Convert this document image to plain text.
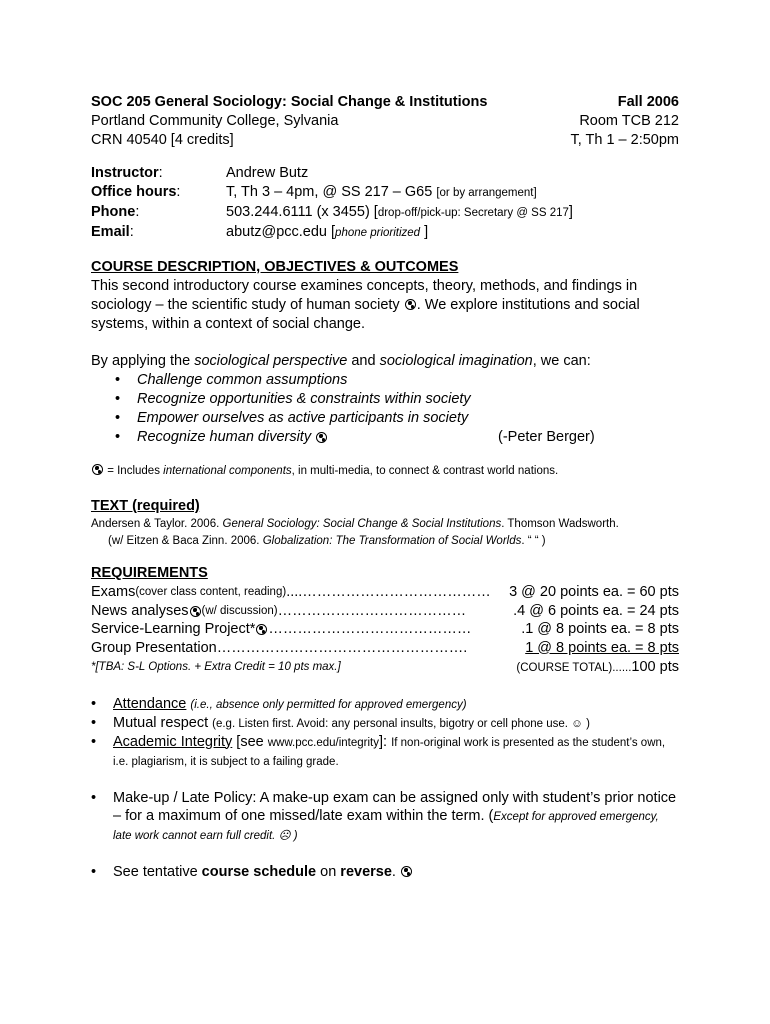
SOC 205 General Sociology: Social Change & Institutions	Fall 2006
Portland Community College, Sylvania	Room TCB 212
CRN 40540 [4 credits]	T, Th 1 – 2:50pm
Instructor:	Andrew Butz
Office hours:	T, Th 3 – 4pm, @ SS 217 – G65 [or by arrangement]
Phone:	503.244.6111 (x 3455) [drop-off/pick-up: Secretary @ SS 217]
Email:	abutz@pcc.edu [phone prioritized ]
COURSE DESCRIPTION, OBJECTIVES & OUTCOMES
This second introductory course examines concepts, theory, methods, and findings in
sociology – the scientific study of human society . We explore institutions and social
systems, within a context of social change.
By applying the sociological perspective and sociological imagination, we can:
• Challenge common assumptions
• Recognize opportunities & constraints within society
• Empower ourselves as active participants in society
• Recognize human diversity
	(-Peter Berger)
= Includes international components, in multi-media, to connect & contrast world nations.
TEXT (required)
Andersen & Taylor. 2006. General Sociology: Social Change & Social Institutions. Thomson Wadsworth.
(w/ Eitzen & Baca Zinn. 2006. Globalization: The Transformation of Social Worlds. “ “ )
REQUIREMENTS
Exams (cover class content, reading) ....…………………………………	3 @ 20 points ea. = 60 pts
News analyses (w/ discussion) …………………………………	.4 @ 6 points ea. = 24 pts
Service-Learning Project* ……………………………………	.1 @ 8 points ea. = 8 pts
Group Presentation …………………………………………….	1 @ 8 points ea. = 8 pts
*[TBA: S-L Options. + Extra Credit = 10 pts max.]	(COURSE TOTAL)......100 pts
• Attendance (i.e., absence only permitted for approved emergency)
• Mutual respect (e.g. Listen first. Avoid: any personal insults, bigotry or cell phone use. ☺ )
• Academic Integrity [see www.pcc.edu/integrity]: If non-original work is presented as the student’s own, i.e. plagiarism, it is subject to a failing grade.
• Make-up / Late Policy: A make-up exam can be assigned only with student’s prior notice – for a maximum of one missed/late exam within the term. (Except for approved emergency, late work cannot earn full credit. ☹ )
• See tentative course schedule on reverse.
